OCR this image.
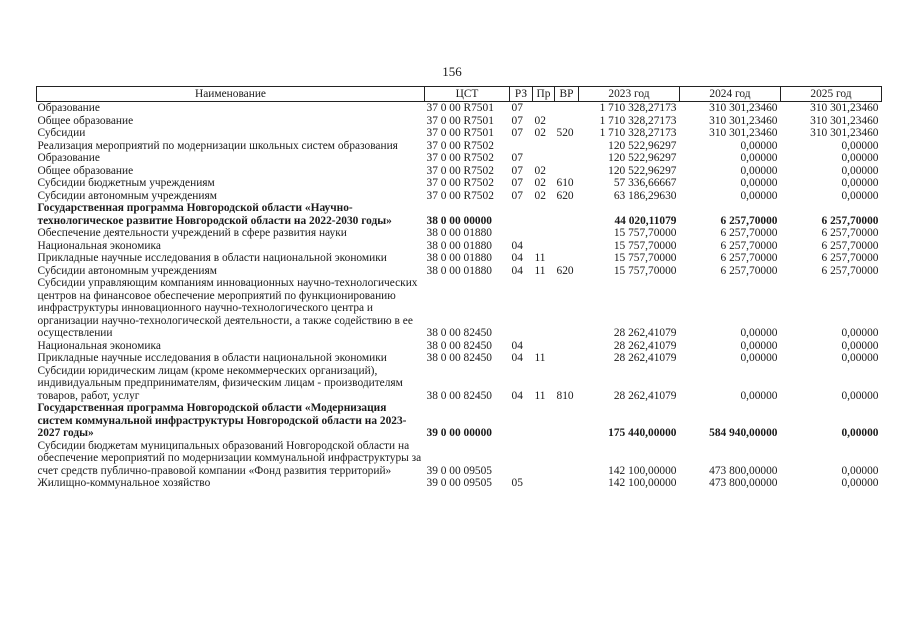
156
Наименование	ЦСТ	РЗ	Пр	ВР	2023 год	2024 год	2025 год
Образование	37 0 00 R7501	07			1 710 328,27173	310 301,23460	310 301,23460
Общее образование	37 0 00 R7501	07	02		1 710 328,27173	310 301,23460	310 301,23460
Субсидии	37 0 00 R7501	07	02	520	1 710 328,27173	310 301,23460	310 301,23460
Реализация мероприятий по модернизации школьных систем образования	37 0 00 R7502				120 522,96297	0,00000	0,00000
Образование	37 0 00 R7502	07			120 522,96297	0,00000	0,00000
Общее образование	37 0 00 R7502	07	02		120 522,96297	0,00000	0,00000
Субсидии бюджетным учреждениям	37 0 00 R7502	07	02	610	57 336,66667	0,00000	0,00000
Субсидии автономным учреждениям	37 0 00 R7502	07	02	620	63 186,29630	0,00000	0,00000
Государственная программа Новгородской области «Научно-технологическое развитие Новгородской области на 2022-2030 годы»	38 0 00 00000				44 020,11079	6 257,70000	6 257,70000
Обеспечение деятельности учреждений в сфере развития науки	38 0 00 01880				15 757,70000	6 257,70000	6 257,70000
Национальная экономика	38 0 00 01880	04			15 757,70000	6 257,70000	6 257,70000
Прикладные научные исследования в области национальной экономики	38 0 00 01880	04	11		15 757,70000	6 257,70000	6 257,70000
Субсидии автономным учреждениям	38 0 00 01880	04	11	620	15 757,70000	6 257,70000	6 257,70000
Субсидии управляющим компаниям инновационных научно-технологических центров на финансовое обеспечение мероприятий по функционированию инфраструктуры инновационного научно-технологического центра и организации научно-технологической деятельности, а также содействию в ее осуществлении	38 0 00 82450				28 262,41079	0,00000	0,00000
Национальная экономика	38 0 00 82450	04			28 262,41079	0,00000	0,00000
Прикладные научные исследования в области национальной экономики	38 0 00 82450	04	11		28 262,41079	0,00000	0,00000
Субсидии юридическим лицам (кроме некоммерческих организаций), индивидуальным предпринимателям, физическим лицам - производителям товаров, работ, услуг	38 0 00 82450	04	11	810	28 262,41079	0,00000	0,00000
Государственная программа Новгородской области «Модернизация систем коммунальной инфраструктуры Новгородской области на 2023-2027 годы»	39 0 00 00000				175 440,00000	584 940,00000	0,00000
Субсидии бюджетам муниципальных образований Новгородской области на обеспечение мероприятий по модернизации коммунальной инфраструктуры за счет средств публично-правовой компании «Фонд развития территорий»	39 0 00 09505				142 100,00000	473 800,00000	0,00000
Жилищно-коммунальное хозяйство	39 0 00 09505	05			142 100,00000	473 800,00000	0,00000
